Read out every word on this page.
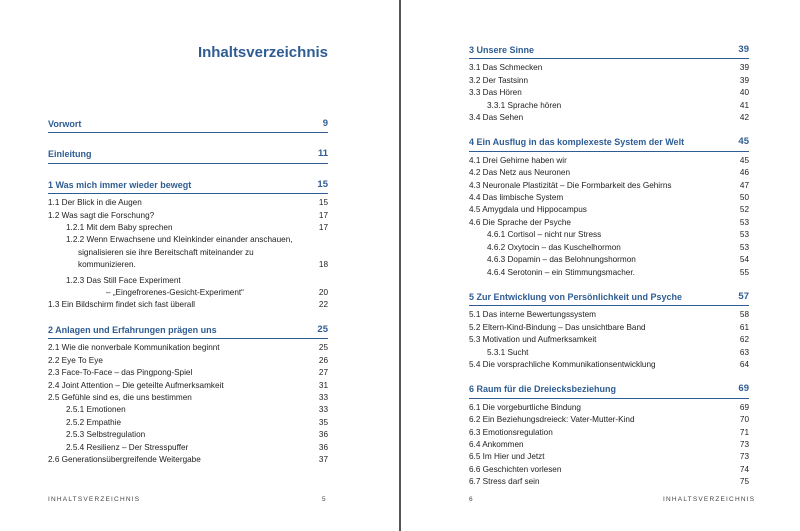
Inhaltsverzeichnis
Vorwort	9
Einleitung	11
1 Was mich immer wieder bewegt	15
1.1 Der Blick in die Augen	15
1.2 Was sagt die Forschung?	17
1.2.1 Mit dem Baby sprechen	17
1.2.2 Wenn Erwachsene und Kleinkinder einander anschauen, signalisieren sie ihre Bereitschaft miteinander zu kommunizieren.	18
1.2.3 Das Still Face Experiment
– „Eingefrorenes-Gesicht-Experiment“	20
1.3 Ein Bildschirm findet sich fast überall	22
2 Anlagen und Erfahrungen prägen uns	25
2.1 Wie die nonverbale Kommunikation beginnt	25
2.2 Eye To Eye	26
2.3 Face-To-Face – das Pingpong-Spiel	27
2.4 Joint Attention – Die geteilte Aufmerksamkeit	31
2.5 Gefühle sind es, die uns bestimmen	33
2.5.1 Emotionen	33
2.5.2 Empathie	35
2.5.3 Selbstregulation	36
2.5.4 Resilienz – Der Stresspuffer	36
2.6 Generationsübergreifende Weitergabe	37
INHALTSVERZEICHNIS	5
3 Unsere Sinne	39
3.1 Das Schmecken	39
3.2 Der Tastsinn	39
3.3 Das Hören	40
3.3.1 Sprache hören	41
3.4 Das Sehen	42
4 Ein Ausflug in das komplexeste System der Welt	45
4.1 Drei Gehirne haben wir	45
4.2 Das Netz aus Neuronen	46
4.3 Neuronale Plastizität – Die Formbarkeit des Gehirns	47
4.4 Das limbische System	50
4.5 Amygdala und Hippocampus	52
4.6 Die Sprache der Psyche	53
4.6.1 Cortisol – nicht nur Stress	53
4.6.2 Oxytocin – das Kuschelhormon	53
4.6.3 Dopamin – das Belohnungshormon	54
4.6.4 Serotonin – ein Stimmungsmacher.	55
5 Zur Entwicklung von Persönlichkeit und Psyche	57
5.1 Das interne Bewertungssystem	58
5.2 Eltern-Kind-Bindung – Das unsichtbare Band	61
5.3 Motivation und Aufmerksamkeit	62
5.3.1 Sucht	63
5.4 Die vorsprachliche Kommunikationsentwicklung	64
6 Raum für die Dreiecksbeziehung	69
6.1 Die vorgeburtliche Bindung	69
6.2 Ein Beziehungsdreieck: Vater-Mutter-Kind	70
6.3 Emotionsregulation	71
6.4 Ankommen	73
6.5 Im Hier und Jetzt	73
6.6 Geschichten vorlesen	74
6.7 Stress darf sein	75
6	INHALTSVERZEICHNIS
